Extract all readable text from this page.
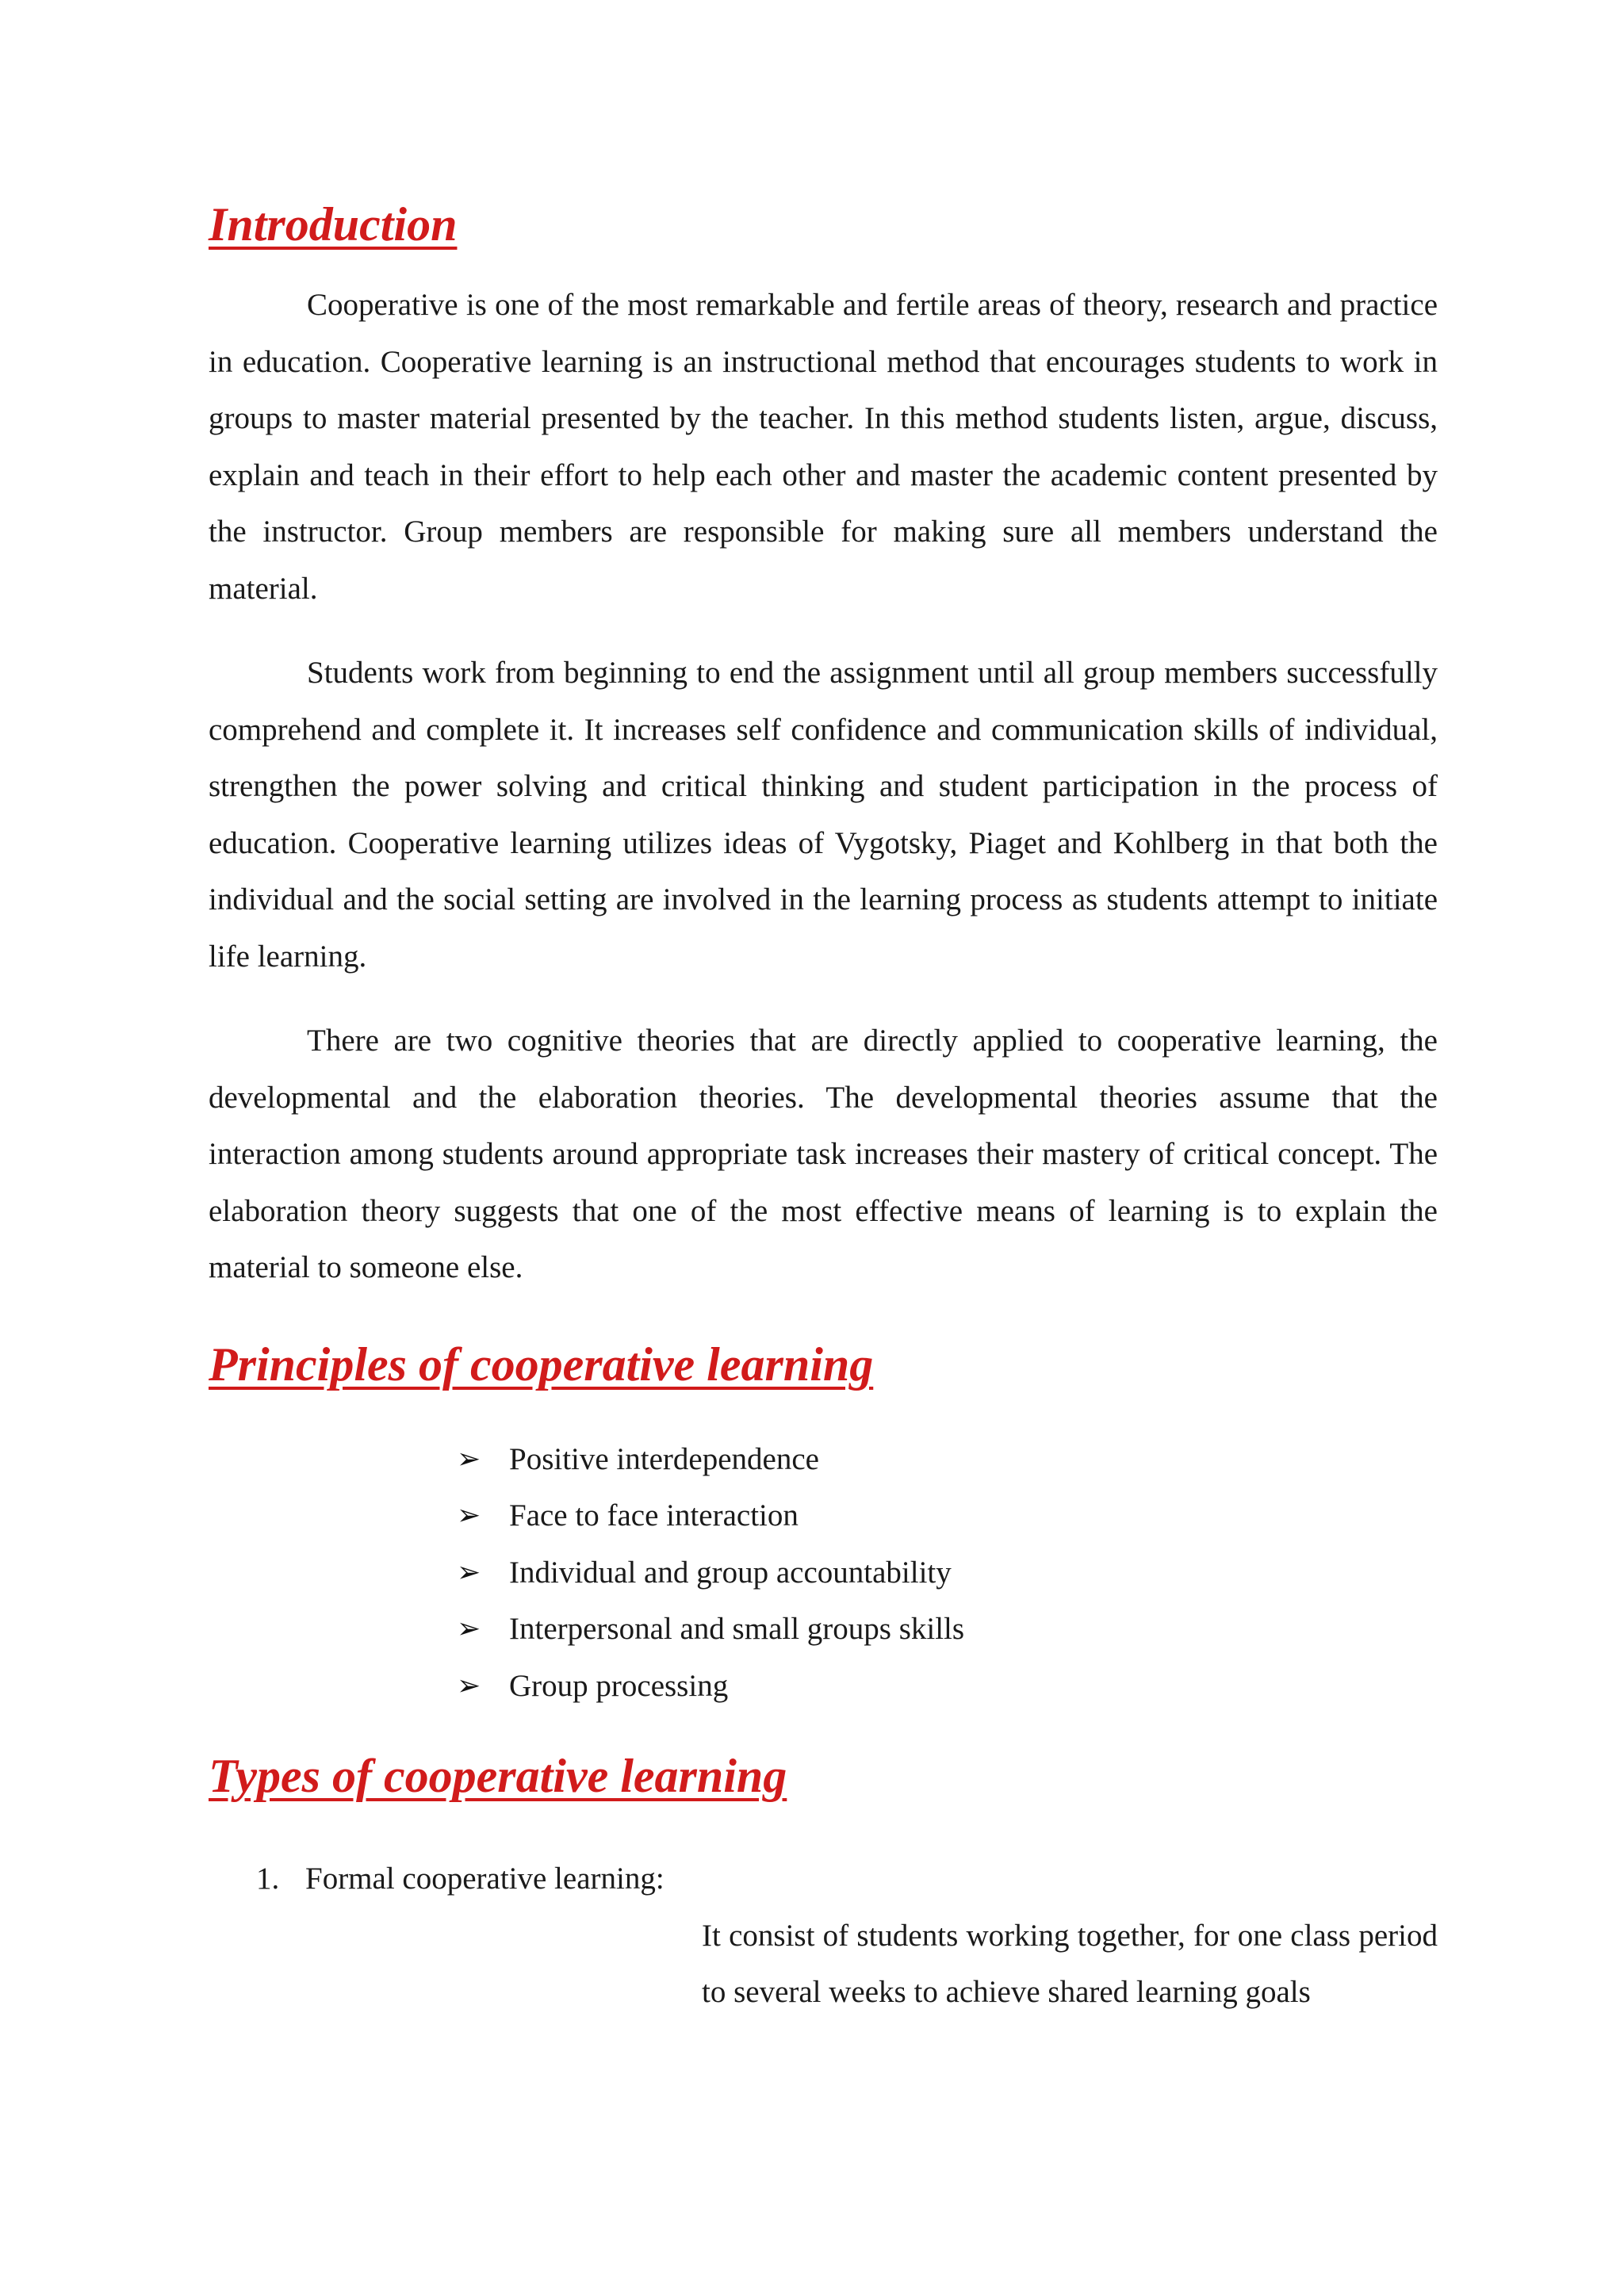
Introduction

Cooperative is one of the most remarkable and fertile areas of theory, research and practice in education. Cooperative learning is an instructional method that encourages students to work in groups to master material presented by the teacher. In this method students listen, argue, discuss, explain and teach in their effort to help each other and master the academic content presented by the instructor. Group members are responsible for making sure all members understand the material.

Students work from beginning to end the assignment until all group members successfully comprehend and complete it. It increases self confidence and communication skills of individual, strengthen the power solving and critical thinking and student participation in the process of education. Cooperative learning utilizes ideas of Vygotsky, Piaget and Kohlberg in that both the individual and the social setting are involved in the learning process as students attempt to initiate life learning.

There are two cognitive theories that are directly applied to cooperative learning, the developmental and the elaboration theories. The developmental theories assume that the interaction among students around appropriate task increases their mastery of critical concept. The elaboration theory suggests that one of the most effective means of learning is to explain the material to someone else.

Principles of cooperative learning
➢ Positive interdependence
➢ Face to face interaction
➢ Individual and group accountability
➢ Interpersonal and small groups skills
➢ Group processing
Types of cooperative learning
1. Formal cooperative learning:
It consist of students working together, for one class period to several weeks to achieve shared learning goals
